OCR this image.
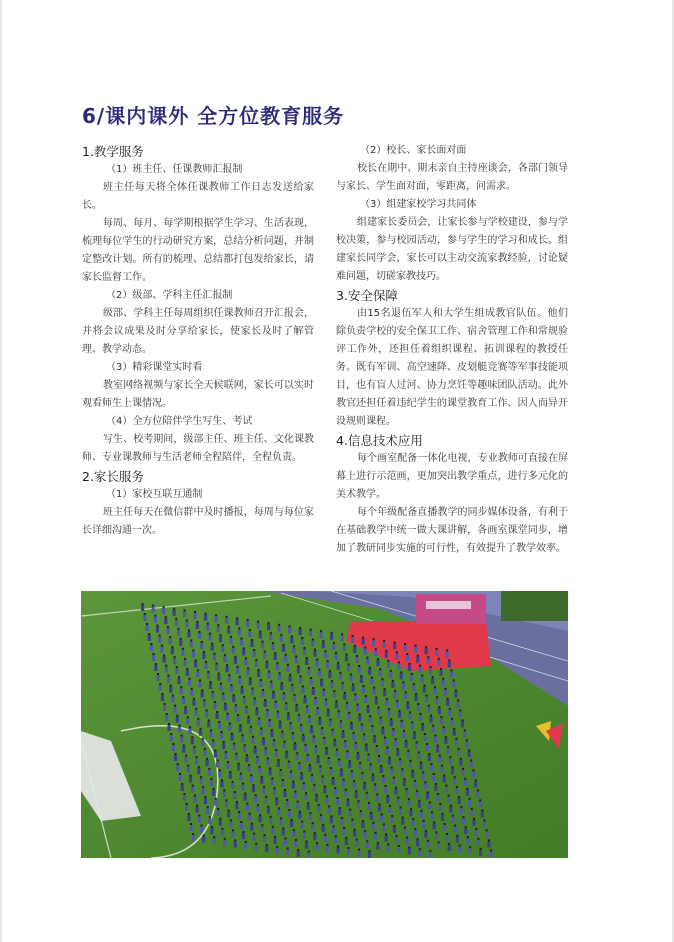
6/课内课外 全方位教育服务

1.教学服务

（1）班主任、任课教师汇报制

班主任每天将全体任课教师工作日志发送给家长。

每周、每月、每学期根据学生学习、生活表现，梳理每位学生的行动研究方案，总结分析问题，并制定整改计划。所有的梳理、总结都打包发给家长，请家长监督工作。

（2）级部、学科主任汇报制

级部、学科主任每周组织任课教师召开汇报会，并将会议成果及时分享给家长，使家长及时了解管理、教学动态。

（3）精彩课堂实时看

教室网络视频与家长全天候联网，家长可以实时观看师生上课情况。

（4）全方位陪伴学生写生、考试

写生、校考期间，级部主任、班主任、文化课教师、专业课教师与生活老师全程陪伴，全程负责。

2.家长服务

（1）家校互联互通制

班主任每天在微信群中及时播报，每周与每位家长详细沟通一次。

（2）校长、家长面对面

校长在期中、期末亲自主持座谈会，各部门领导与家长、学生面对面，零距离，问需求。

（3）组建家校学习共同体

组建家长委员会，让家长参与学校建设，参与学校决策，参与校园活动，参与学生的学习和成长。组建家长同学会，家长可以主动交流家教经验，讨论疑难问题，切磋家教技巧。

3.安全保障

由15名退伍军人和大学生组成教官队伍。他们除负责学校的安全保卫工作、宿舍管理工作和常规验评工作外，还担任着组织课程、拓训课程的教授任务。既有军训、高空速降、皮划艇竞赛等军事技能项目，也有盲人过河、协力烹饪等趣味团队活动。此外教官还担任着违纪学生的课堂教育工作、因人而异开设规则课程。

4.信息技术应用

每个画室配备一体化电视，专业教师可直接在屏幕上进行示范画，更加突出教学重点，进行多元化的美术教学。

每个年级配备直播教学的同步媒体设备，有利于在基础教学中统一做大课讲解，各画室课堂同步，增加了教研同步实施的可行性，有效提升了教学效率。
